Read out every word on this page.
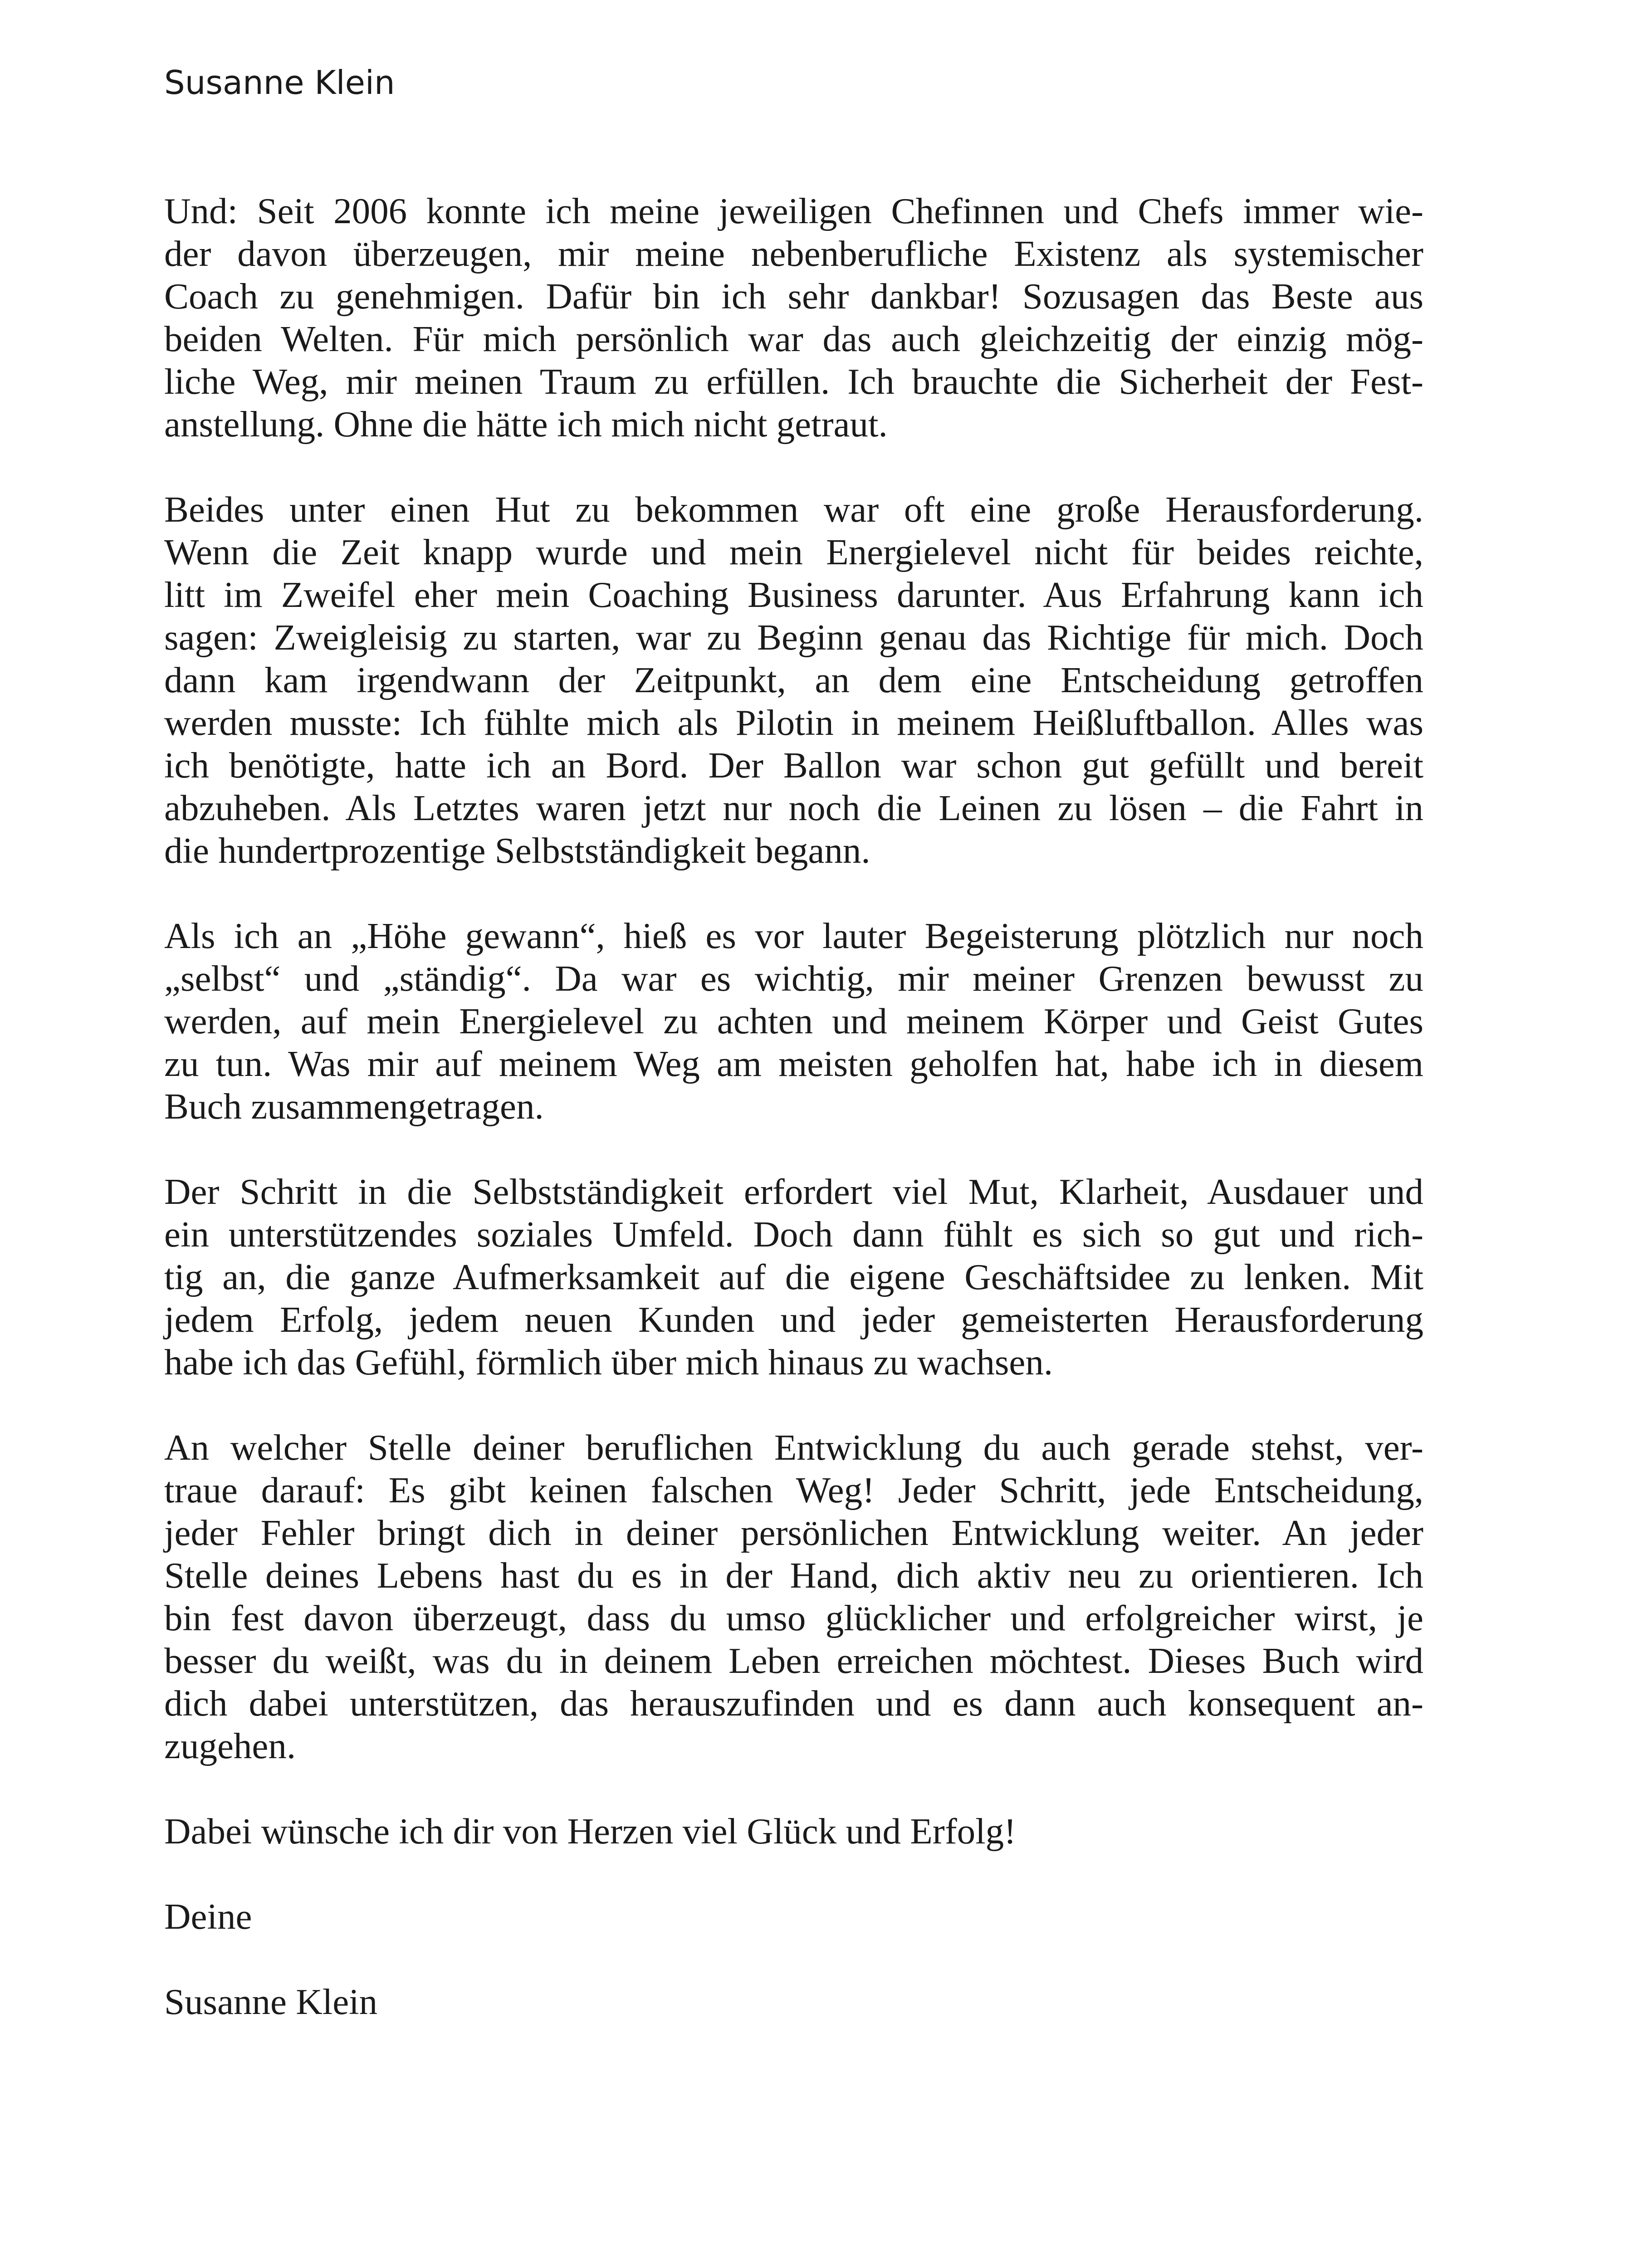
Susanne Klein

Und: Seit 2006 konnte ich meine jeweiligen Chefinnen und Chefs immer wie-
der davon überzeugen, mir meine nebenberufliche Existenz als systemischer
Coach zu genehmigen. Dafür bin ich sehr dankbar! Sozusagen das Beste aus
beiden Welten. Für mich persönlich war das auch gleichzeitig der einzig mög-
liche Weg, mir meinen Traum zu erfüllen. Ich brauchte die Sicherheit der Fest-
anstellung. Ohne die hätte ich mich nicht getraut.

Beides unter einen Hut zu bekommen war oft eine große Herausforderung.
Wenn die Zeit knapp wurde und mein Energielevel nicht für beides reichte,
litt im Zweifel eher mein Coaching Business darunter. Aus Erfahrung kann ich
sagen: Zweigleisig zu starten, war zu Beginn genau das Richtige für mich. Doch
dann kam irgendwann der Zeitpunkt, an dem eine Entscheidung getroffen
werden musste: Ich fühlte mich als Pilotin in meinem Heißluftballon. Alles was
ich benötigte, hatte ich an Bord. Der Ballon war schon gut gefüllt und bereit
abzuheben. Als Letztes waren jetzt nur noch die Leinen zu lösen – die Fahrt in
die hundertprozentige Selbstständigkeit begann.

Als ich an „Höhe gewann“, hieß es vor lauter Begeisterung plötzlich nur noch
„selbst“ und „ständig“. Da war es wichtig, mir meiner Grenzen bewusst zu
werden, auf mein Energielevel zu achten und meinem Körper und Geist Gutes
zu tun. Was mir auf meinem Weg am meisten geholfen hat, habe ich in diesem
Buch zusammengetragen.

Der Schritt in die Selbstständigkeit erfordert viel Mut, Klarheit, Ausdauer und
ein unterstützendes soziales Umfeld. Doch dann fühlt es sich so gut und rich-
tig an, die ganze Aufmerksamkeit auf die eigene Geschäftsidee zu lenken. Mit
jedem Erfolg, jedem neuen Kunden und jeder gemeisterten Herausforderung
habe ich das Gefühl, förmlich über mich hinaus zu wachsen.

An welcher Stelle deiner beruflichen Entwicklung du auch gerade stehst, ver-
traue darauf: Es gibt keinen falschen Weg! Jeder Schritt, jede Entscheidung,
jeder Fehler bringt dich in deiner persönlichen Entwicklung weiter. An jeder
Stelle deines Lebens hast du es in der Hand, dich aktiv neu zu orientieren. Ich
bin fest davon überzeugt, dass du umso glücklicher und erfolgreicher wirst, je
besser du weißt, was du in deinem Leben erreichen möchtest. Dieses Buch wird
dich dabei unterstützen, das herauszufinden und es dann auch konsequent an-
zugehen.

Dabei wünsche ich dir von Herzen viel Glück und Erfolg!

Deine

Susanne Klein
